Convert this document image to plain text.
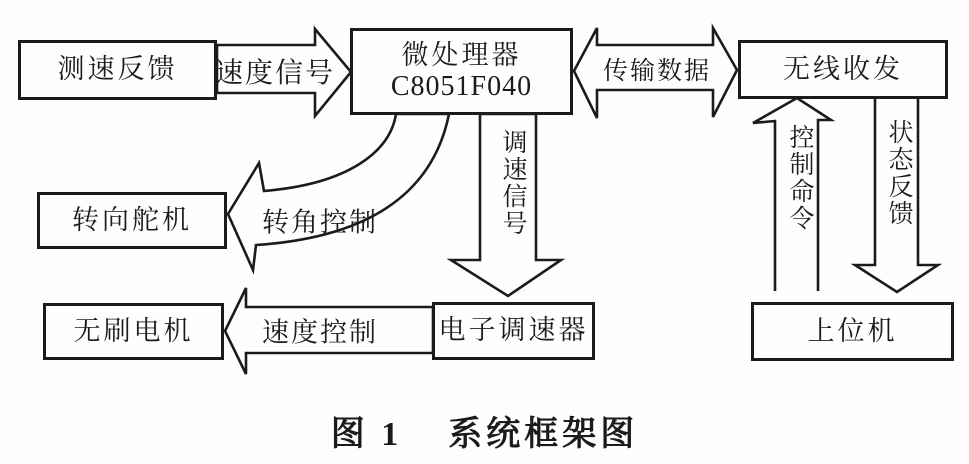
测速反馈	微处理器
C8051F040
无线收发
转向舵机
电子调速器
无刷电机	上位机
速度信号	传输数据
转角控制	调速信号
速度控制
控制命令	状态反馈
图 1 系统框架图
